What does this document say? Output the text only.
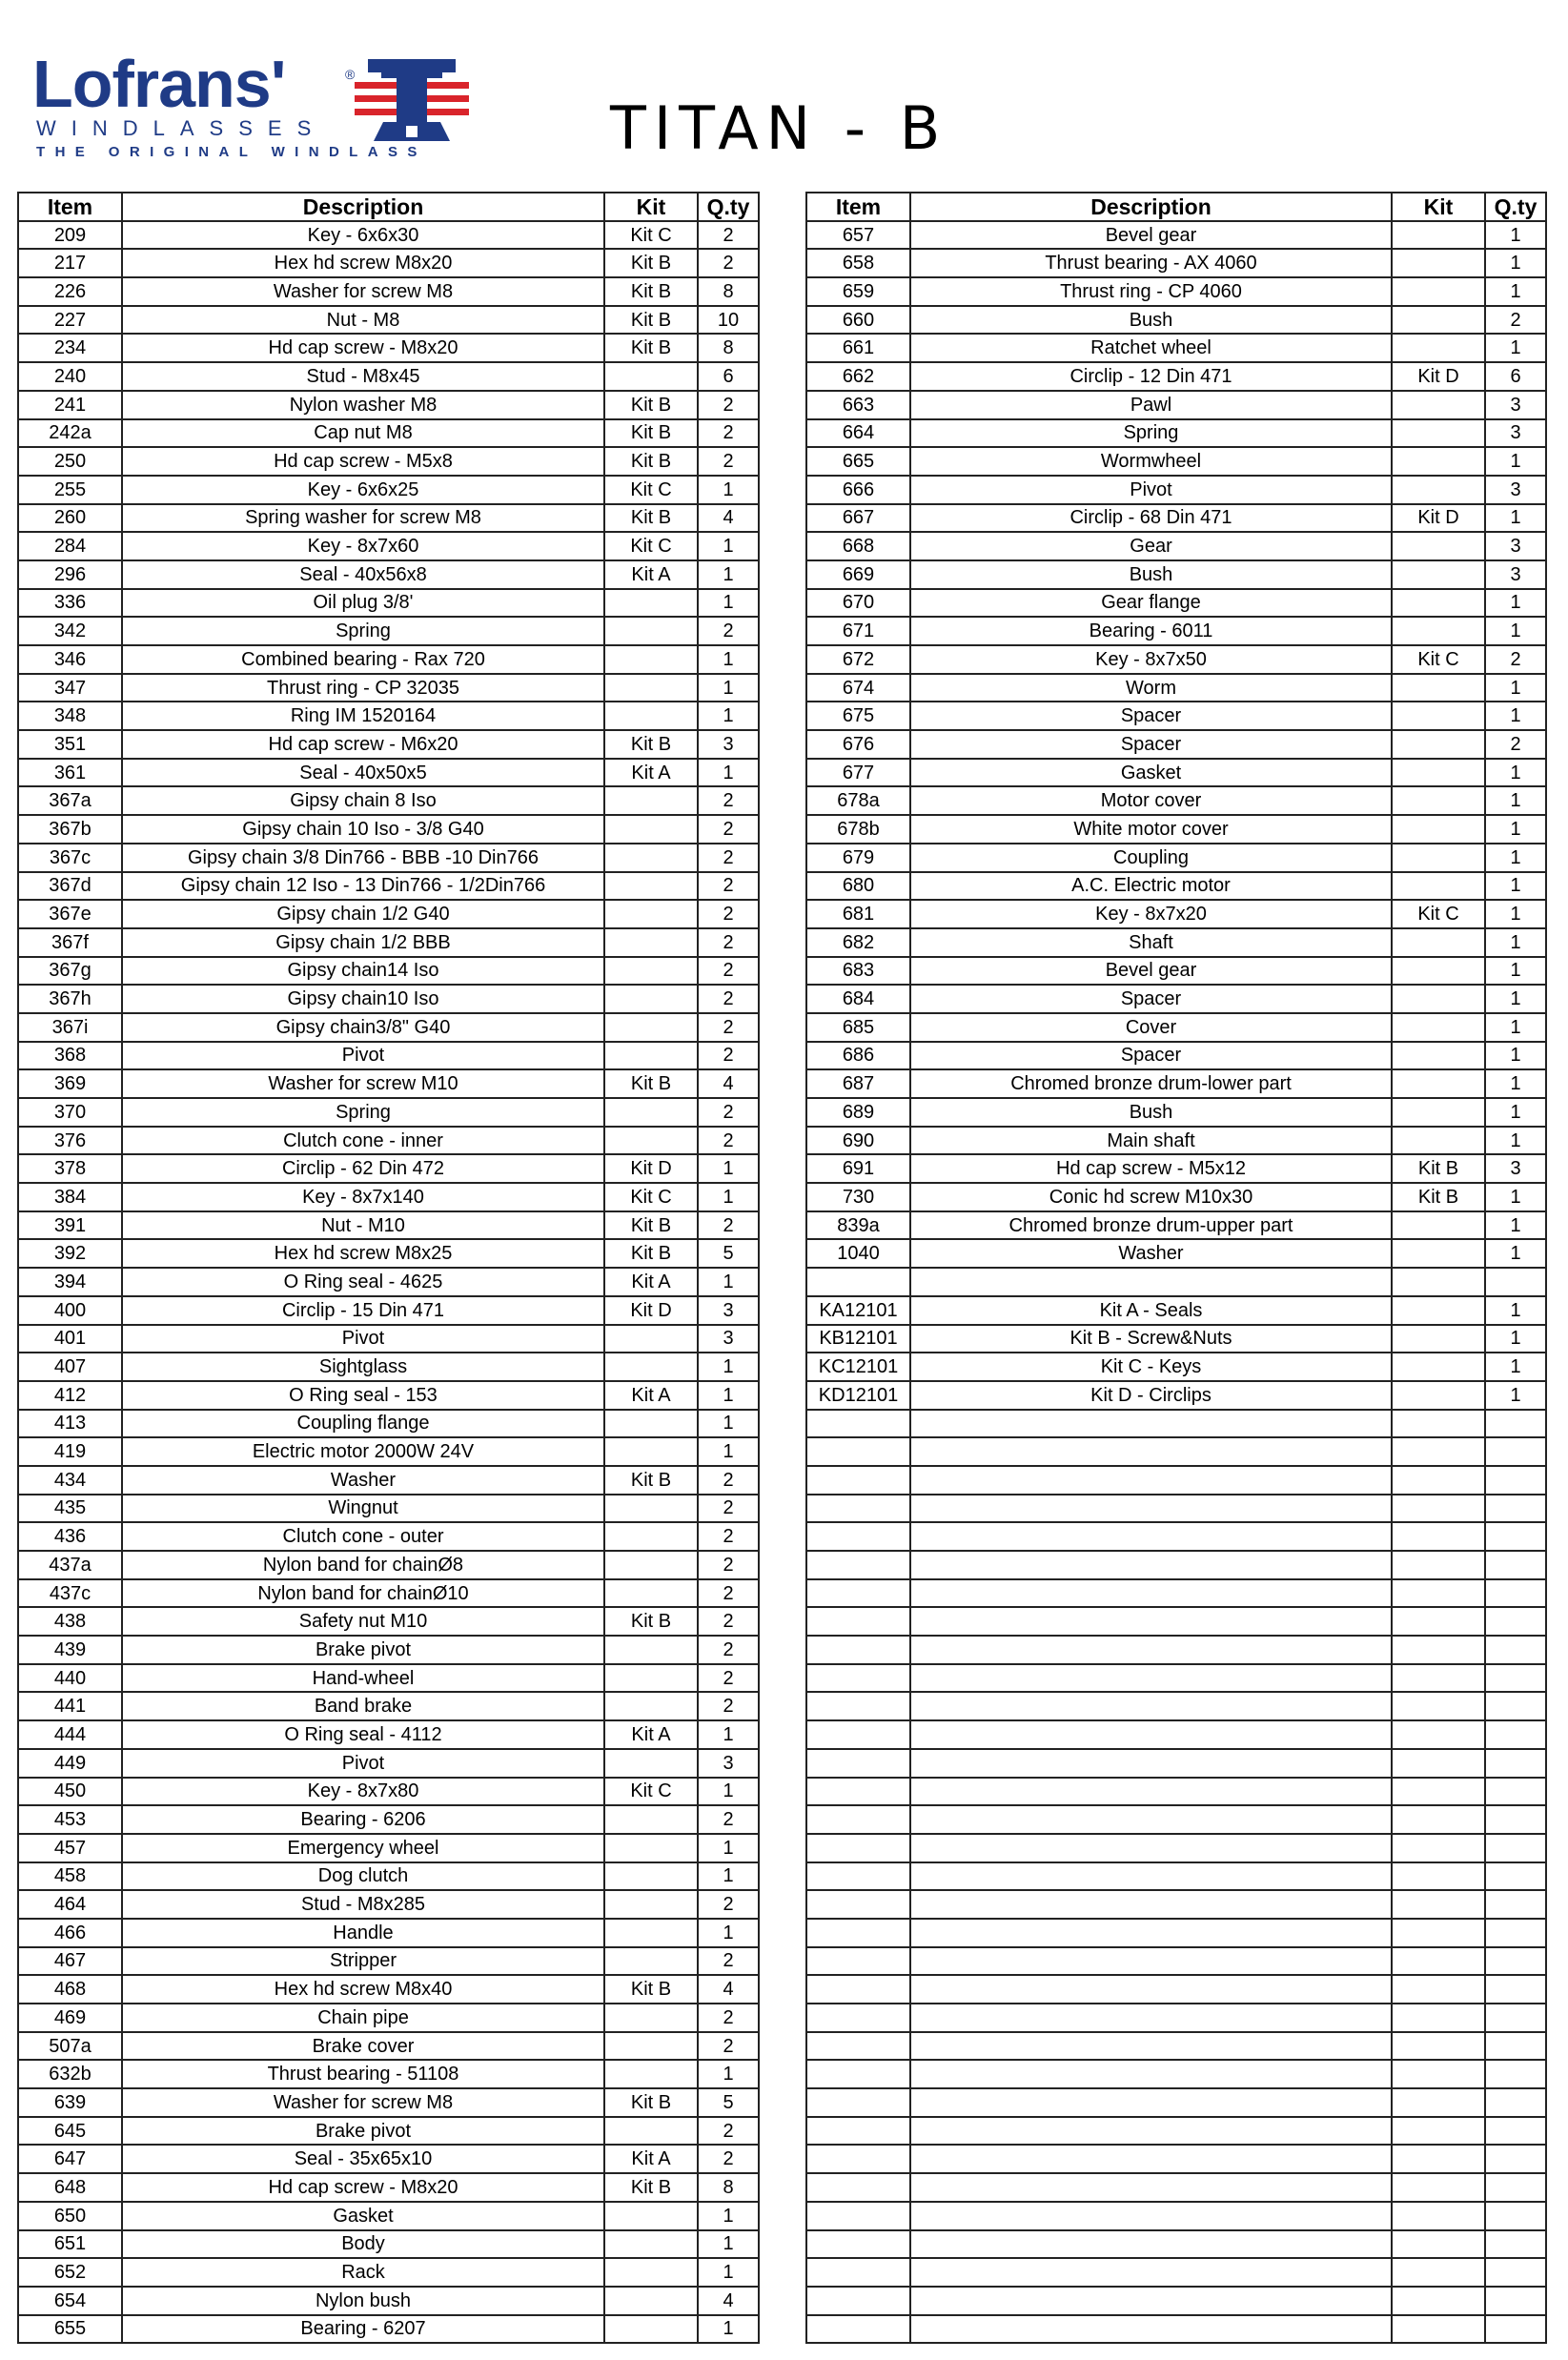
Lofrans'	®
WINDLASSES
THE ORIGINAL WINDLASS	TITAN - B
Item	Description	Kit	Q.ty
209	Key - 6x6x30	Kit C	2
217	Hex hd screw M8x20	Kit B	2
226	Washer for screw M8	Kit B	8
227	Nut - M8	Kit B	10
234	Hd cap screw - M8x20	Kit B	8
240	Stud - M8x45		6
241	Nylon washer M8	Kit B	2
242a	Cap nut M8	Kit B	2
250	Hd cap screw - M5x8	Kit B	2
255	Key - 6x6x25	Kit C	1
260	Spring washer for screw M8	Kit B	4
284	Key - 8x7x60	Kit C	1
296	Seal - 40x56x8	Kit A	1
336	Oil plug 3/8'		1
342	Spring		2
346	Combined bearing - Rax 720		1
347	Thrust ring - CP 32035		1
348	Ring IM 1520164		1
351	Hd cap screw - M6x20	Kit B	3
361	Seal - 40x50x5	Kit A	1
367a	Gipsy chain 8 Iso		2
367b	Gipsy chain 10 Iso - 3/8 G40		2
367c	Gipsy chain 3/8 Din766 - BBB -10 Din766		2
367d	Gipsy chain 12 Iso - 13 Din766 - 1/2Din766		2
367e	Gipsy chain 1/2 G40		2
367f	Gipsy chain 1/2 BBB		2
367g	Gipsy chain14 Iso		2
367h	Gipsy chain10 Iso		2
367i	Gipsy chain3/8" G40		2
368	Pivot		2
369	Washer for screw M10	Kit B	4
370	Spring		2
376	Clutch cone - inner		2
378	Circlip - 62 Din 472	Kit D	1
384	Key - 8x7x140	Kit C	1
391	Nut - M10	Kit B	2
392	Hex hd screw M8x25	Kit B	5
394	O Ring seal - 4625	Kit A	1
400	Circlip - 15 Din 471	Kit D	3
401	Pivot		3
407	Sightglass		1
412	O Ring seal - 153	Kit A	1
413	Coupling flange		1
419	Electric motor 2000W 24V		1
434	Washer	Kit B	2
435	Wingnut		2
436	Clutch cone - outer		2
437a	Nylon band for chainØ8		2
437c	Nylon band for chainØ10		2
438	Safety nut M10	Kit B	2
439	Brake pivot		2
440	Hand-wheel		2
441	Band brake		2
444	O Ring seal - 4112	Kit A	1
449	Pivot		3
450	Key - 8x7x80	Kit C	1
453	Bearing - 6206		2
457	Emergency wheel		1
458	Dog clutch		1
464	Stud - M8x285		2
466	Handle		1
467	Stripper		2
468	Hex hd screw M8x40	Kit B	4
469	Chain pipe		2
507a	Brake cover		2
632b	Thrust bearing - 51108		1
639	Washer for screw M8	Kit B	5
645	Brake pivot		2
647	Seal - 35x65x10	Kit A	2
648	Hd cap screw - M8x20	Kit B	8
650	Gasket		1
651	Body		1
652	Rack		1
654	Nylon bush		4
655	Bearing - 6207		1
Item	Description	Kit	Q.ty
657	Bevel gear		1
658	Thrust bearing - AX 4060		1
659	Thrust ring - CP 4060		1
660	Bush		2
661	Ratchet wheel		1
662	Circlip - 12 Din 471	Kit D	6
663	Pawl		3
664	Spring		3
665	Wormwheel		1
666	Pivot		3
667	Circlip - 68 Din 471	Kit D	1
668	Gear		3
669	Bush		3
670	Gear flange		1
671	Bearing - 6011		1
672	Key - 8x7x50	Kit C	2
674	Worm		1
675	Spacer		1
676	Spacer		2
677	Gasket		1
678a	Motor cover		1
678b	White motor cover		1
679	Coupling		1
680	A.C. Electric motor		1
681	Key - 8x7x20	Kit C	1
682	Shaft		1
683	Bevel gear		1
684	Spacer		1
685	Cover		1
686	Spacer		1
687	Chromed bronze drum-lower part		1
689	Bush		1
690	Main shaft		1
691	Hd cap screw - M5x12	Kit B	3
730	Conic hd screw M10x30	Kit B	1
839a	Chromed bronze drum-upper part		1
1040	Washer		1

KA12101	Kit A - Seals		1
KB12101	Kit B - Screw&Nuts		1
KC12101	Kit C - Keys		1
KD12101	Kit D - Circlips		1
